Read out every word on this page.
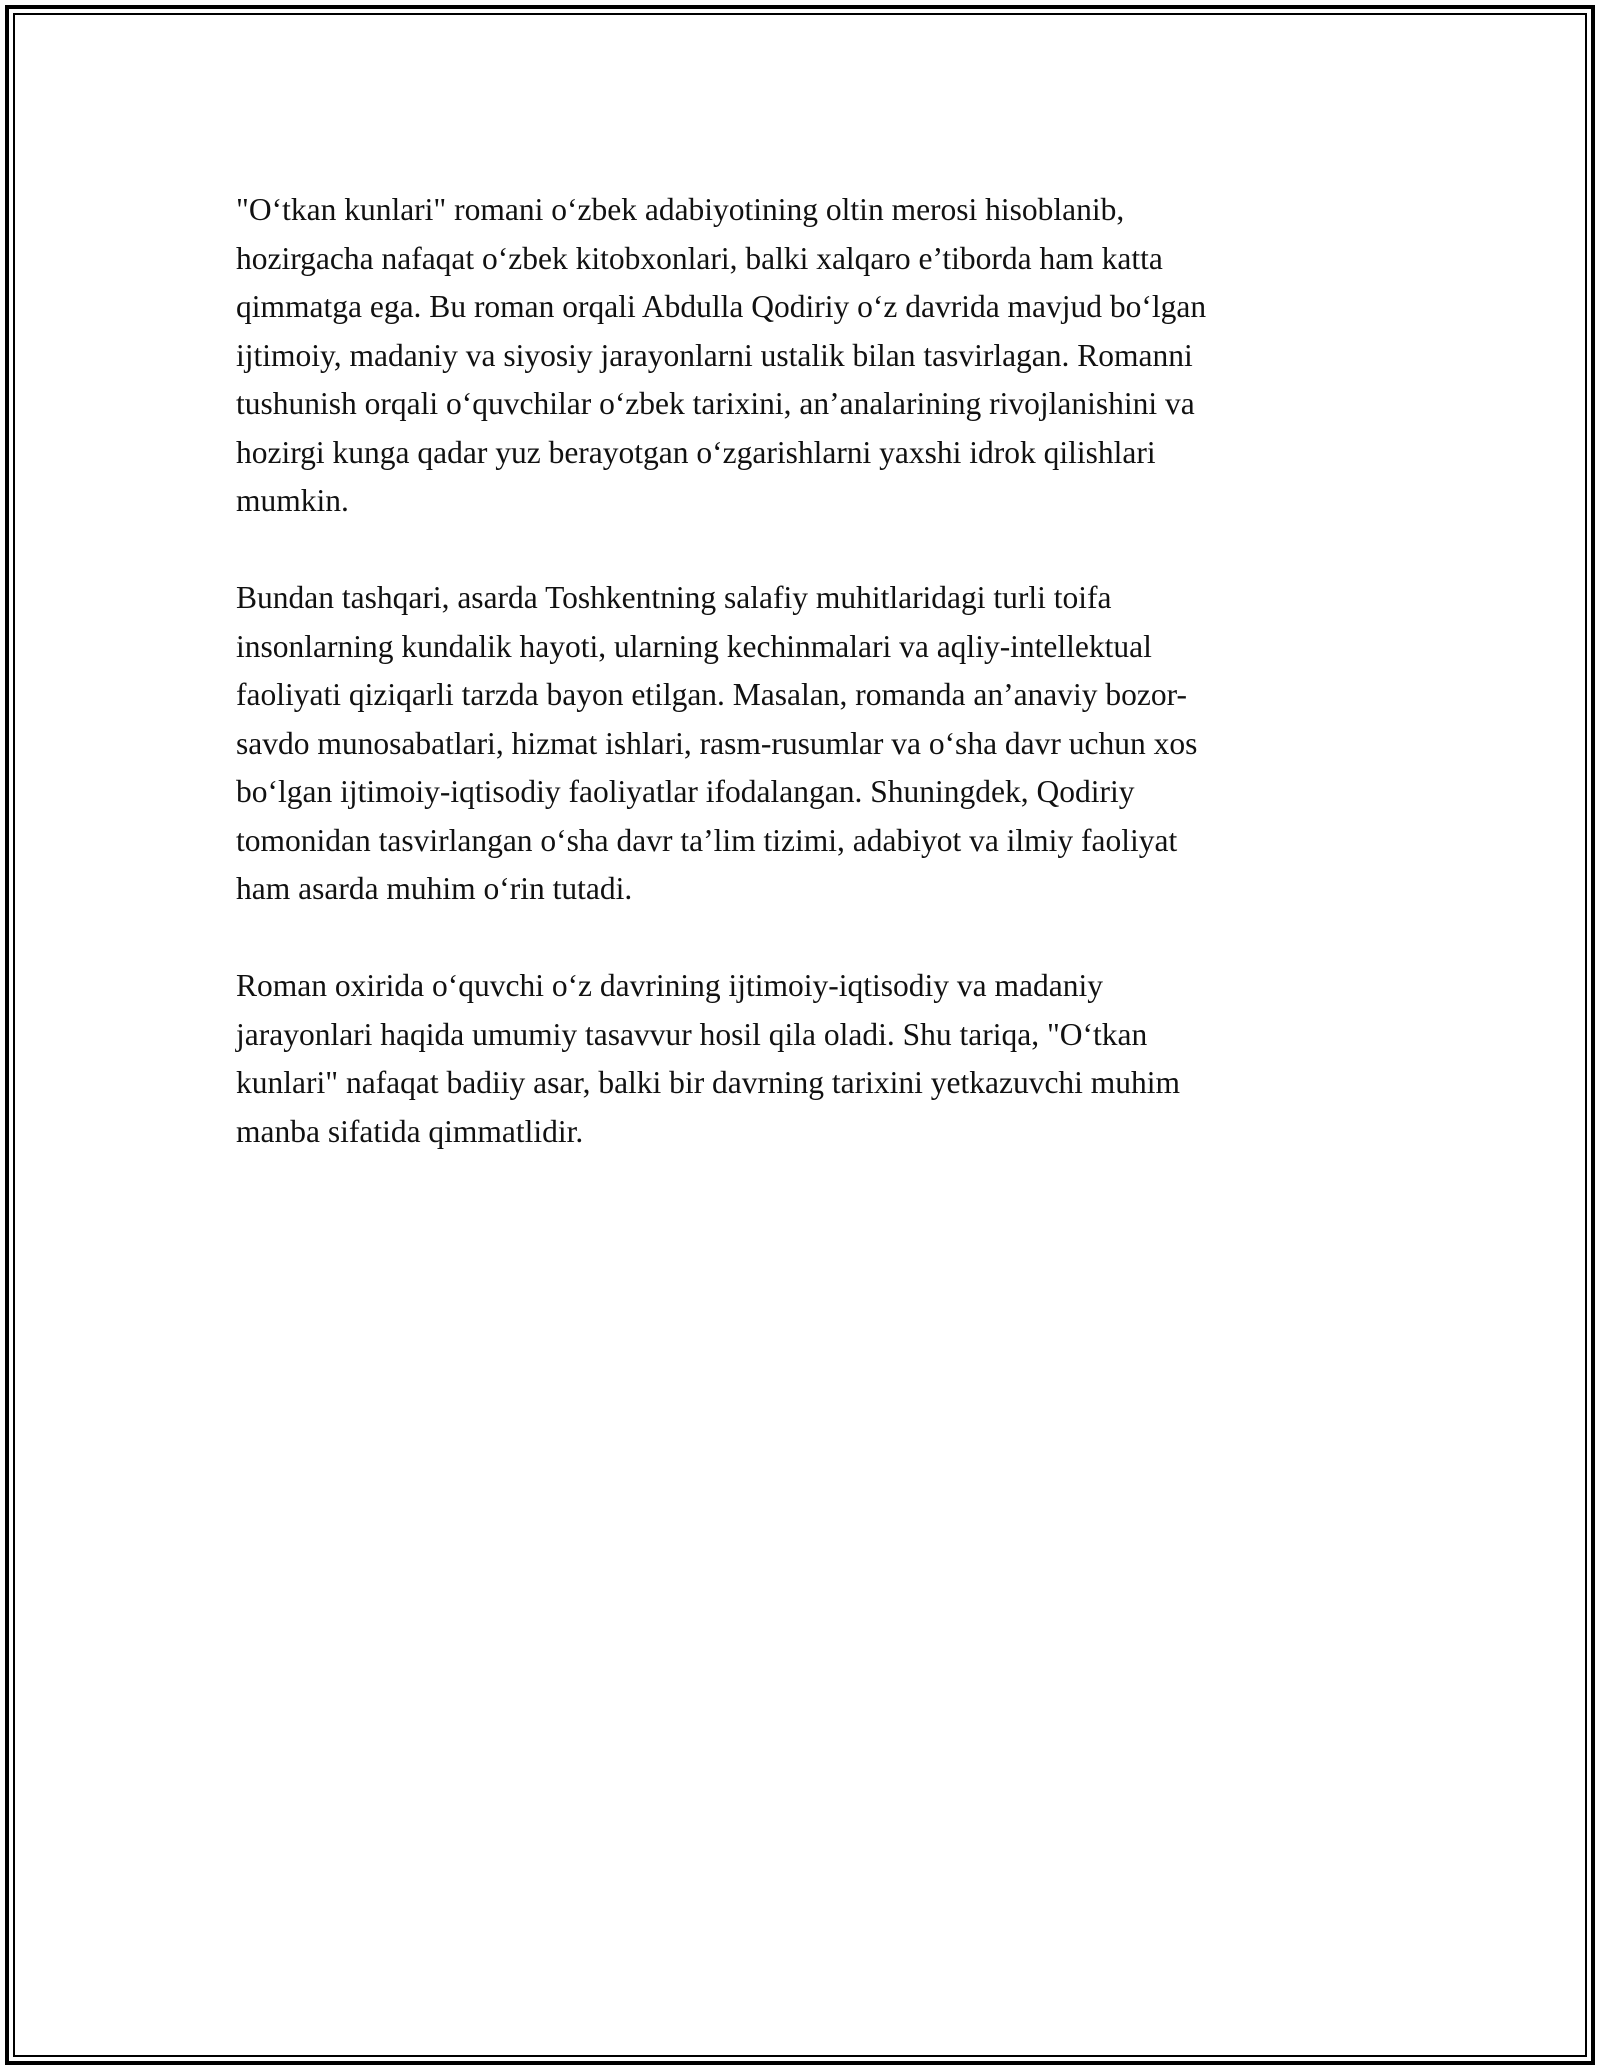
"O‘tkan kunlari" romani o‘zbek adabiyotining oltin merosi hisoblanib,
hozirgacha nafaqat o‘zbek kitobxonlari, balki xalqaro e’tiborda ham katta
qimmatga ega. Bu roman orqali Abdulla Qodiriy o‘z davrida mavjud bo‘lgan
ijtimoiy, madaniy va siyosiy jarayonlarni ustalik bilan tasvirlagan. Romanni
tushunish orqali o‘quvchilar o‘zbek tarixini, an’analarining rivojlanishini va
hozirgi kunga qadar yuz berayotgan o‘zgarishlarni yaxshi idrok qilishlari
mumkin.

Bundan tashqari, asarda Toshkentning salafiy muhitlaridagi turli toifa
insonlarning kundalik hayoti, ularning kechinmalari va aqliy-intellektual
faoliyati qiziqarli tarzda bayon etilgan. Masalan, romanda an’anaviy bozor-
savdo munosabatlari, hizmat ishlari, rasm-rusumlar va o‘sha davr uchun xos
bo‘lgan ijtimoiy-iqtisodiy faoliyatlar ifodalangan. Shuningdek, Qodiriy
tomonidan tasvirlangan o‘sha davr ta’lim tizimi, adabiyot va ilmiy faoliyat
ham asarda muhim o‘rin tutadi.

Roman oxirida o‘quvchi o‘z davrining ijtimoiy-iqtisodiy va madaniy
jarayonlari haqida umumiy tasavvur hosil qila oladi. Shu tariqa, "O‘tkan
kunlari" nafaqat badiiy asar, balki bir davrning tarixini yetkazuvchi muhim
manba sifatida qimmatlidir.
